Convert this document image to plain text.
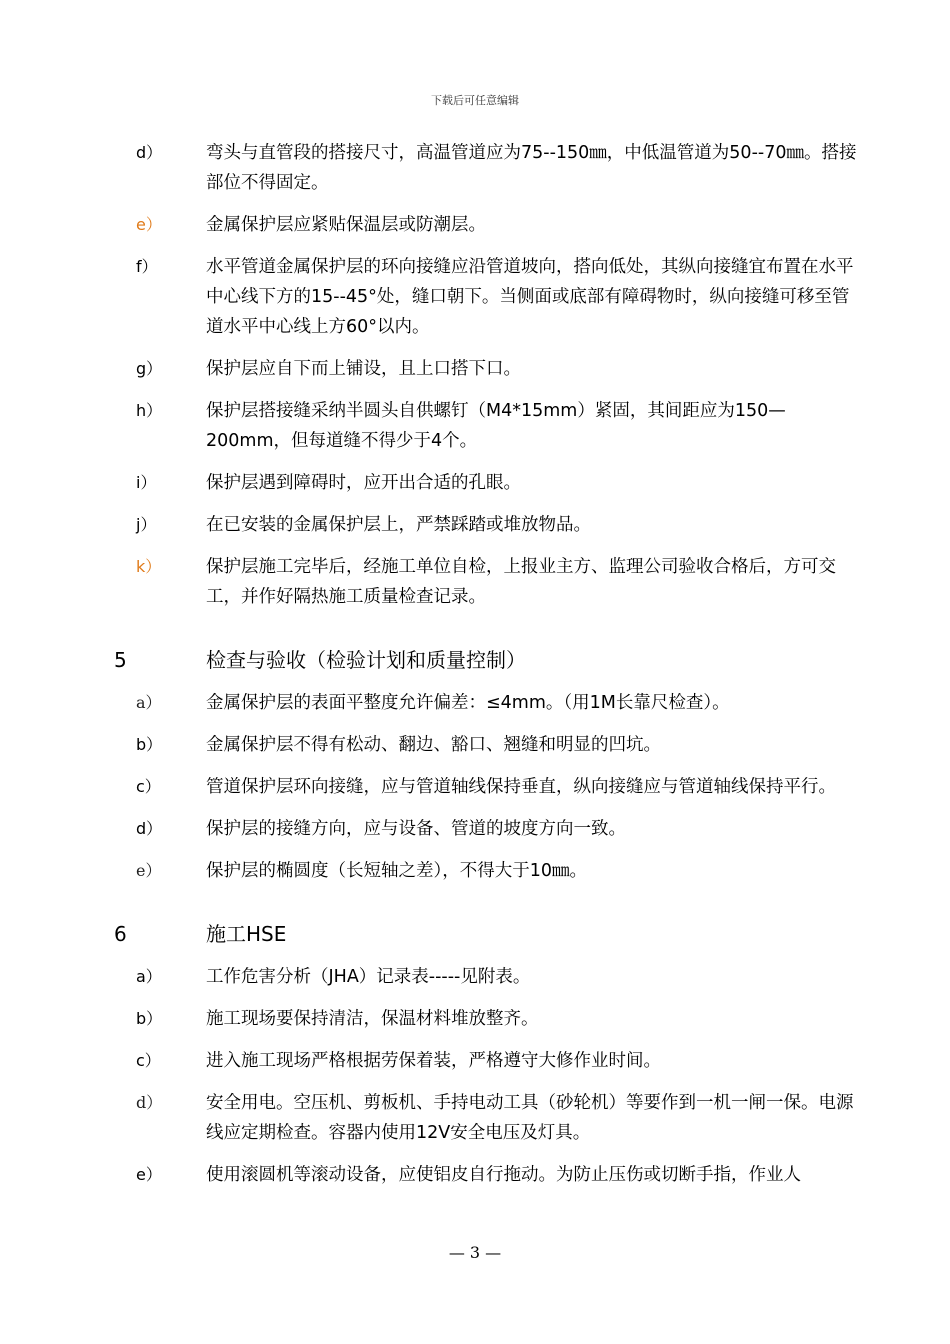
下载后可任意编辑
d）	弯头与直管段的搭接尺寸，高温管道应为75--150㎜，中低温管道为50--70㎜。搭接部位不得固定。
e）	金属保护层应紧贴保温层或防潮层。
f）	水平管道金属保护层的环向接缝应沿管道坡向，搭向低处，其纵向接缝宜布置在水平中心线下方的15--45°处，缝口朝下。当侧面或底部有障碍物时，纵向接缝可移至管道水平中心线上方60°以内。
g）	保护层应自下而上铺设，且上口搭下口。
h）	保护层搭接缝采纳半圆头自供螺钉（M4*15mm）紧固，其间距应为150—200mm，但每道缝不得少于4个。
i）	保护层遇到障碍时，应开出合适的孔眼。
j）	在已安装的金属保护层上，严禁踩踏或堆放物品。
k）	保护层施工完毕后，经施工单位自检，上报业主方、监理公司验收合格后，方可交工，并作好隔热施工质量检查记录。
5	检查与验收（检验计划和质量控制）
a）	金属保护层的表面平整度允许偏差：≤4mm。（用1M长靠尺检查）。
b）	金属保护层不得有松动、翻边、豁口、翘缝和明显的凹坑。
c）	管道保护层环向接缝，应与管道轴线保持垂直，纵向接缝应与管道轴线保持平行。
d）	保护层的接缝方向，应与设备、管道的坡度方向一致。
e）	保护层的椭圆度（长短轴之差），不得大于10㎜。
6	施工HSE
a）	工作危害分析（JHA）记录表-----见附表。
b）	施工现场要保持清洁，保温材料堆放整齐。
c）	进入施工现场严格根据劳保着装，严格遵守大修作业时间。
d）	安全用电。空压机、剪板机、手持电动工具（砂轮机）等要作到一机一闸一保。电源线应定期检查。容器内使用12V安全电压及灯具。
e）	使用滚圆机等滚动设备，应使铝皮自行拖动。为防止压伤或切断手指，作业人
— 3 —
